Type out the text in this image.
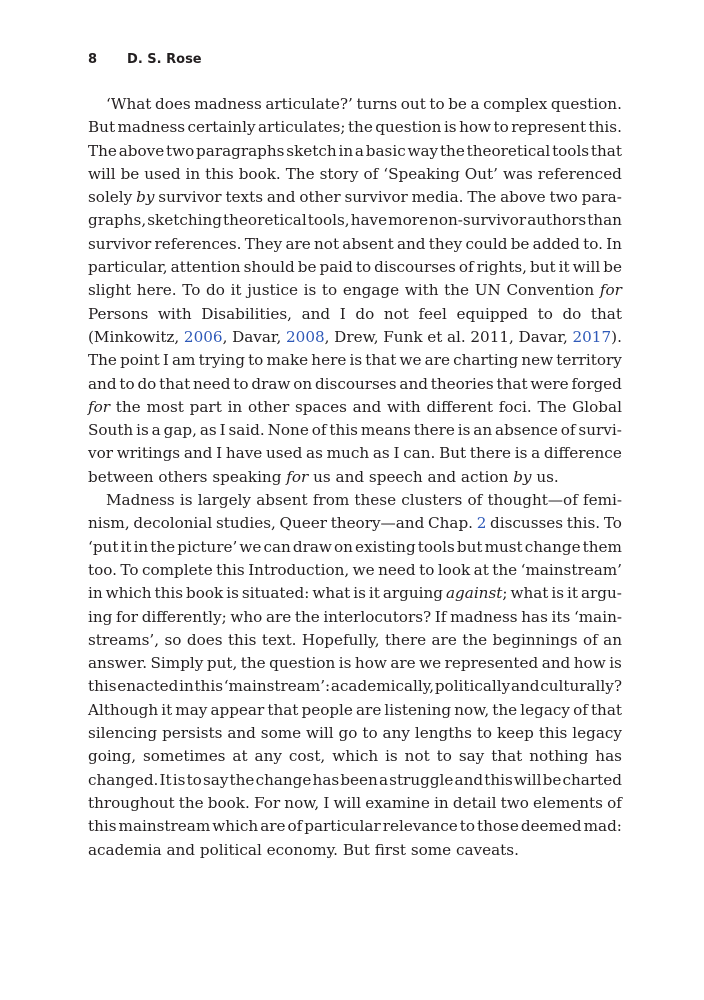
8 D. S. Rose
‘What does madness articulate?’ turns out to be a complex question.
But madness certainly articulates; the question is how to represent this.
The above two paragraphs sketch in a basic way the theoretical tools that
will be used in this book. The story of ‘Speaking Out’ was referenced
solely by survivor texts and other survivor media. The above two para-
graphs, sketching theoretical tools, have more non-survivor authors than
survivor references. They are not absent and they could be added to. In
particular, attention should be paid to discourses of rights, but it will be
slight here. To do it justice is to engage with the UN Convention for
Persons with Disabilities, and I do not feel equipped to do that
(Minkowitz, 2006, Davar, 2008, Drew, Funk et al. 2011, Davar, 2017).
The point I am trying to make here is that we are charting new territory
and to do that need to draw on discourses and theories that were forged
for the most part in other spaces and with different foci. The Global
South is a gap, as I said. None of this means there is an absence of survi-
vor writings and I have used as much as I can. But there is a difference
between
others
speaking
for
us
and
speech
and
action
by
us.
Madness is largely absent from these clusters of thought—of femi-
nism, decolonial studies, Queer theory—and Chap. 2 discusses this. To
‘put it in the picture’ we can draw on existing tools but must change them
too. To complete this Introduction, we need to look at the ‘mainstream’
in which this book is situated: what is it arguing against; what is it argu-
ing for differently; who are the interlocutors? If madness has its ‘main-
streams’, so does this text. Hopefully, there are the beginnings of an
answer. Simply put, the question is how are we represented and how is
this enacted in this ‘mainstream’: academically, politically and culturally?
Although it may appear that people are listening now, the legacy of that
silencing persists and some will go to any lengths to keep this legacy
going, sometimes at any cost, which is not to say that nothing has
changed. It is to say the change has been a struggle and this will be charted
throughout the book. For now, I will examine in detail two elements of
this mainstream which are of particular relevance to those deemed mad:
academia
and
political
economy.
But
first
some
caveats.
